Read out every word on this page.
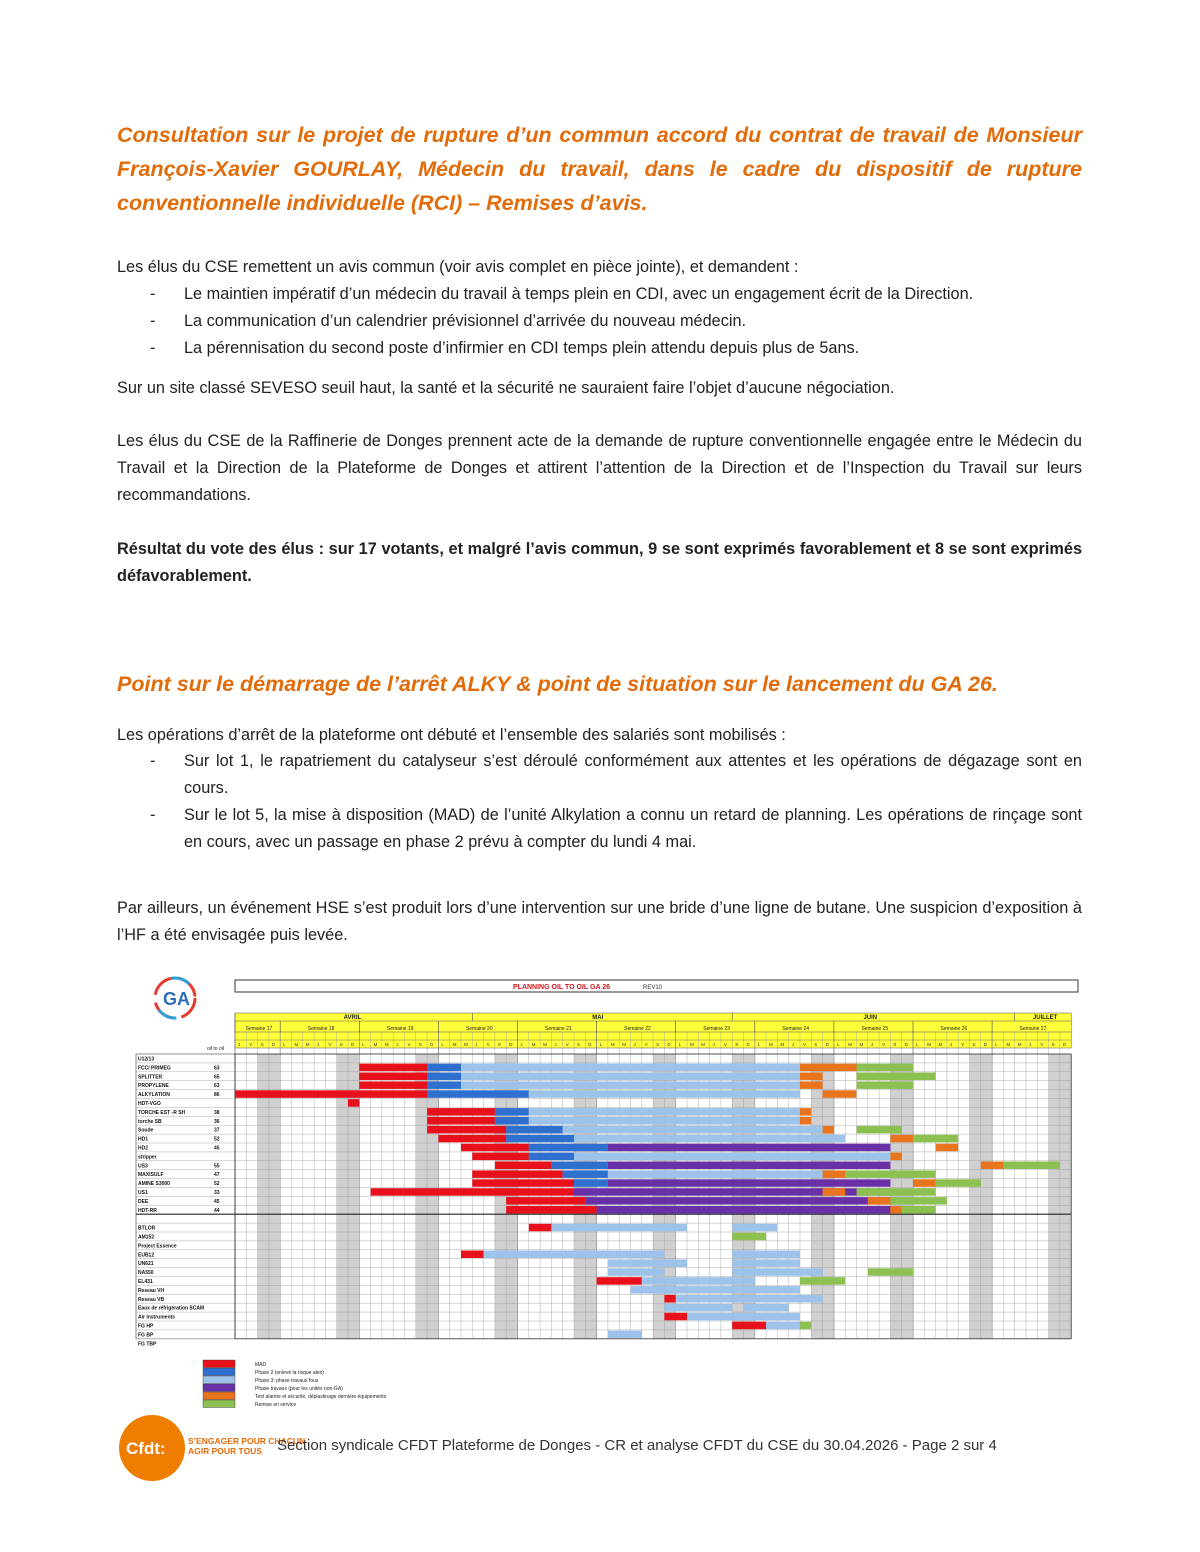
Consultation sur le projet de rupture d’un commun accord du contrat de travail de Monsieur François-Xavier GOURLAY, Médecin du travail, dans le cadre du dispositif de rupture conventionnelle individuelle (RCI) – Remises d’avis.
Les élus du CSE remettent un avis commun (voir avis complet en pièce jointe), et demandent :
- Le maintien impératif d’un médecin du travail à temps plein en CDI, avec un engagement écrit de la Direction.
- La communication d’un calendrier prévisionnel d’arrivée du nouveau médecin.
- La pérennisation du second poste d’infirmier en CDI temps plein attendu depuis plus de 5ans.
Sur un site classé SEVESO seuil haut, la santé et la sécurité ne sauraient faire l’objet d’aucune négociation.
Les élus du CSE de la Raffinerie de Donges prennent acte de la demande de rupture conventionnelle engagée entre le Médecin du Travail et la Direction de la Plateforme de Donges et attirent l’attention de la Direction et de l’Inspection du Travail sur leurs recommandations.
Résultat du vote des élus : sur 17 votants, et malgré l’avis commun, 9 se sont exprimés favorablement et 8 se sont exprimés défavorablement.
Point sur le démarrage de l’arrêt ALKY & point de situation sur le lancement du GA 26.
Les opérations d’arrêt de la plateforme ont débuté et l’ensemble des salariés sont mobilisés :
- Sur lot 1, le rapatriement du catalyseur s’est déroulé conformément aux attentes et les opérations de dégazage sont en cours.
- Sur le lot 5, la mise à disposition (MAD) de l’unité Alkylation a connu un retard de planning. Les opérations de rinçage sont en cours, avec un passage en phase 2 prévu à compter du lundi 4 mai.
Par ailleurs, un événement HSE s’est produit lors d’une intervention sur une bride d’une ligne de butane. Une suspicion d’exposition à l’HF a été envisagée puis levée.
GA
PLANNING OIL TO OIL GA 26	REV10
AVRIL	MAI	JUIN	JUILLET
Semaine 17	Semaine 18	Semaine 19	Semaine 20	Semaine 21	Semaine 22	Semaine 23	Semaine 24	Semaine 25	Semaine 26	Semaine 27
J V S D L M M J V S D L M M J V S D L M M J V S D L M M J V S D L M M J V S D L M M J V S D L M M J V S D L M M J V S D L M M J V S D L M M J V S D
oil to oil
U12/13
FCC/ PRIMEG	63
SPLITTER	65
PROPYLENE	63
ALKYLATION	86
HDT-VGO
TORCHE EST -R SH	38
torche SB	36
Soude	37
HD1	52
HD2	45
stripper
US3	55
MAXISULF	47
AMINE S3000	52
US1	33
DEE	45
HDT-RR	44
BTLOR
AM152
Project Essence
EUB12
UN621
NA550
EL431
Reseau VH
Reseau VB
Eaux de réfrigération SCAM
Air Instruments
FG HP
FG BP
FG TBP
MAD
Phase 2 (enlevé la risque atex)
Phase 3: phase travaux fous
Phase travaux (pour les unités non-GA)
Test alarme et sécurité, déplastinage dernière équipements
Remise en service
Cfdt:	S’ENGAGER POUR CHACUN
AGIR POUR TOUS	Section syndicale CFDT Plateforme de Donges - CR et analyse CFDT du CSE du 30.04.2026 - Page 2 sur 4
